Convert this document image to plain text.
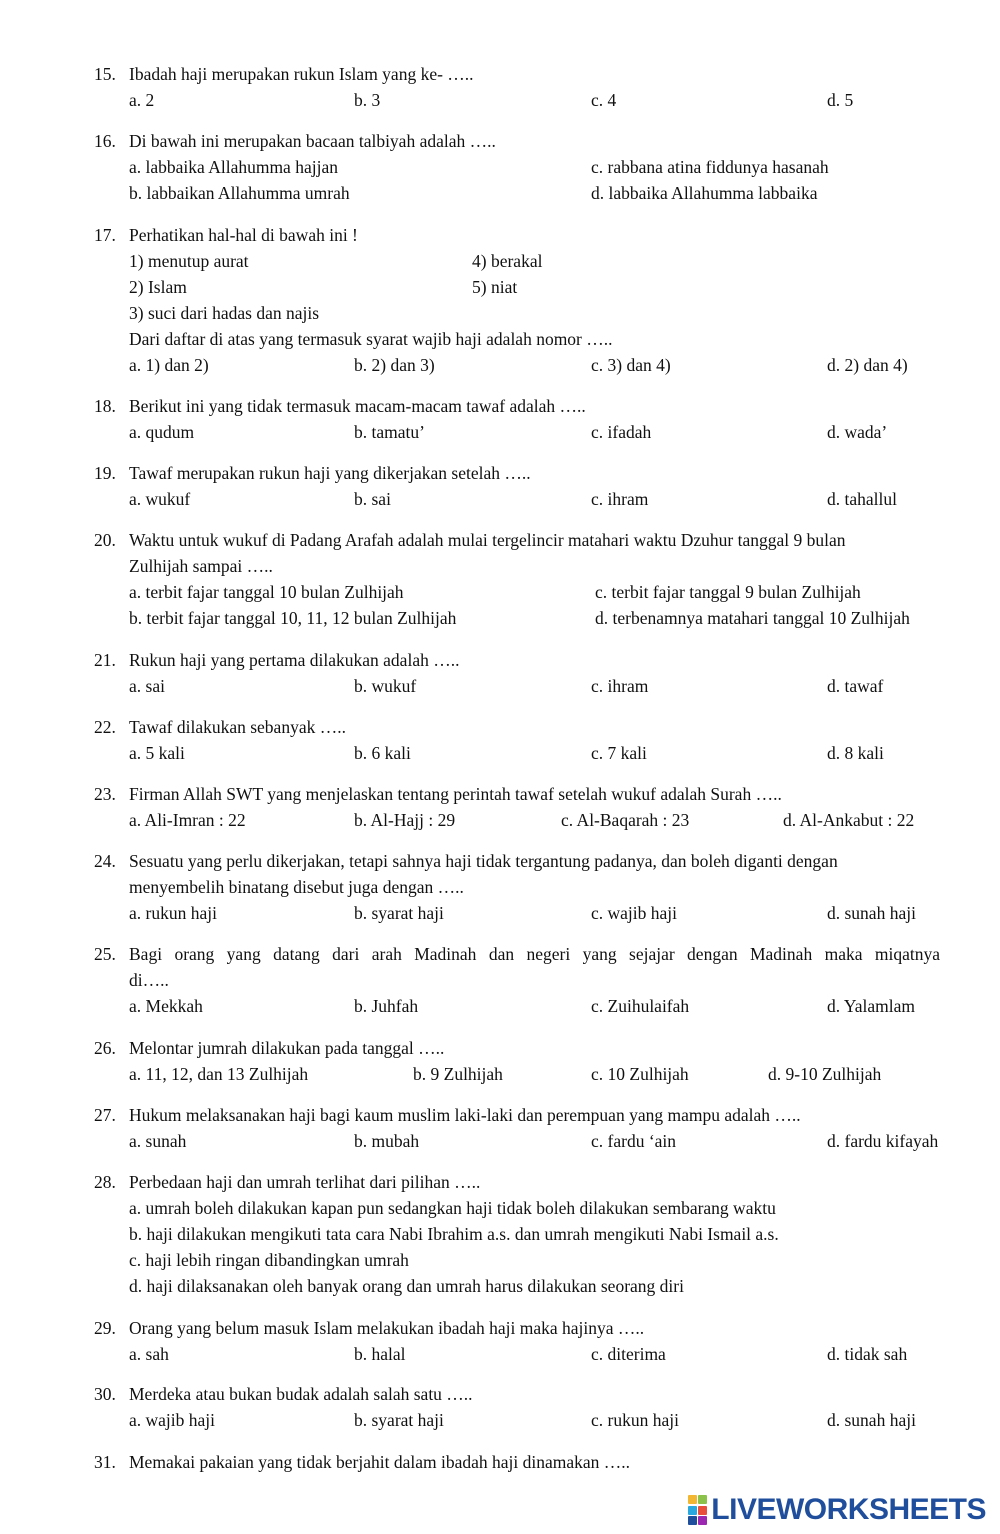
15. Ibadah haji merupakan rukun Islam yang ke- …..
a. 2	b. 3	c. 4	d. 5
16. Di bawah ini merupakan bacaan talbiyah adalah …..
a. labbaika Allahumma hajjan	c. rabbana atina fiddunya hasanah
b. labbaikan Allahumma umrah	d. labbaika Allahumma labbaika
17. Perhatikan hal-hal di bawah ini !
1) menutup aurat	4) berakal
2) Islam	5) niat
3) suci dari hadas dan najis
Dari daftar di atas yang termasuk syarat wajib haji adalah nomor …..
a. 1) dan 2)	b. 2) dan 3)	c. 3) dan 4)	d. 2) dan 4)
18. Berikut ini yang tidak termasuk macam-macam tawaf adalah …..
a. qudum	b. tamatu’	c. ifadah	d. wada’
19. Tawaf merupakan rukun haji yang dikerjakan setelah …..
a. wukuf	b. sai	c. ihram	d. tahallul
20. Waktu untuk wukuf di Padang Arafah adalah mulai tergelincir matahari waktu Dzuhur tanggal 9 bulan
Zulhijah sampai …..
a. terbit fajar tanggal 10 bulan Zulhijah	c. terbit fajar tanggal 9 bulan Zulhijah
b. terbit fajar tanggal 10, 11, 12 bulan Zulhijah	d. terbenamnya matahari tanggal 10 Zulhijah
21. Rukun haji yang pertama dilakukan adalah …..
a. sai	b. wukuf	c. ihram	d. tawaf
22. Tawaf dilakukan sebanyak …..
a. 5 kali	b. 6 kali	c. 7 kali	d. 8 kali
23. Firman Allah SWT yang menjelaskan tentang perintah tawaf setelah wukuf adalah Surah …..
a. Ali-Imran : 22	b. Al-Hajj : 29	c. Al-Baqarah : 23	d. Al-Ankabut : 22
24. Sesuatu yang perlu dikerjakan, tetapi sahnya haji tidak tergantung padanya, dan boleh diganti dengan
menyembelih binatang disebut juga dengan …..
a. rukun haji	b. syarat haji	c. wajib haji	d. sunah haji
25. Bagi orang yang datang dari arah Madinah dan negeri yang sejajar dengan Madinah maka miqatnya
di…..
a. Mekkah	b. Juhfah	c. Zuihulaifah	d. Yalamlam
26. Melontar jumrah dilakukan pada tanggal …..
a. 11, 12, dan 13 Zulhijah	b. 9 Zulhijah	c. 10 Zulhijah	d. 9-10 Zulhijah
27. Hukum melaksanakan haji bagi kaum muslim laki-laki dan perempuan yang mampu adalah …..
a. sunah	b. mubah	c. fardu ‘ain	d. fardu kifayah
28. Perbedaan haji dan umrah terlihat dari pilihan …..
a. umrah boleh dilakukan kapan pun sedangkan haji tidak boleh dilakukan sembarang waktu
b. haji dilakukan mengikuti tata cara Nabi Ibrahim a.s. dan umrah mengikuti Nabi Ismail a.s.
c. haji lebih ringan dibandingkan umrah
d. haji dilaksanakan oleh banyak orang dan umrah harus dilakukan seorang diri
29. Orang yang belum masuk Islam melakukan ibadah haji maka hajinya …..
a. sah	b. halal	c. diterima	d. tidak sah
30. Merdeka atau bukan budak adalah salah satu …..
a. wajib haji	b. syarat haji	c. rukun haji	d. sunah haji
31. Memakai pakaian yang tidak berjahit dalam ibadah haji dinamakan …..
LIVEWORKSHEETS
